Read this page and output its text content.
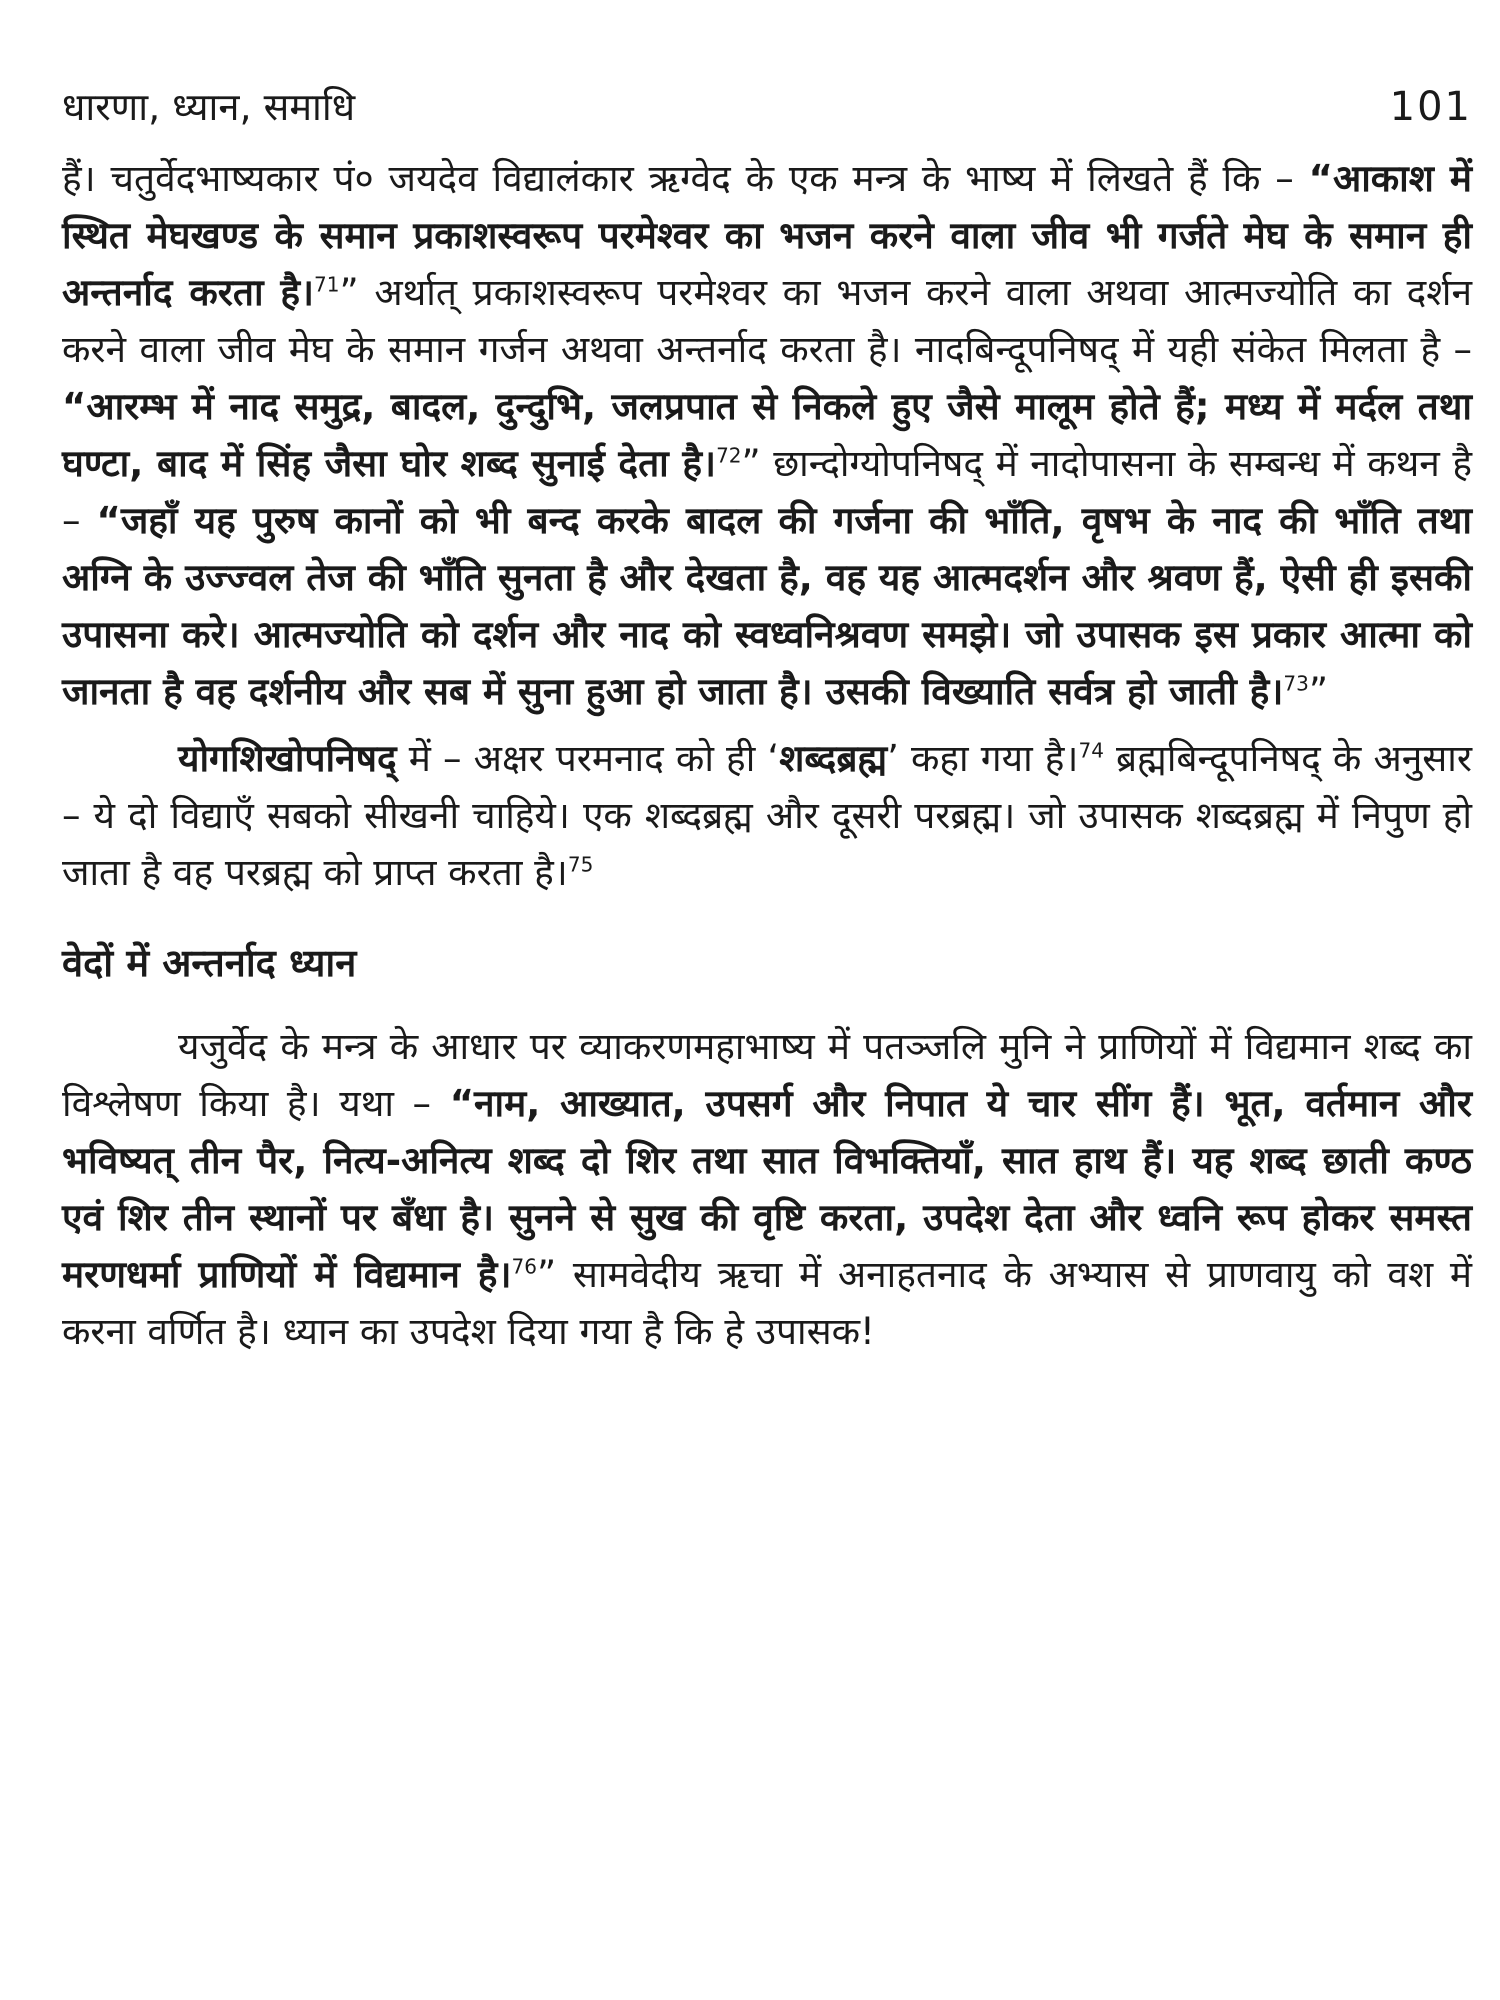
धारणा, ध्यान, समाधि	101

हैं। चतुर्वेदभाष्यकार पं० जयदेव विद्यालंकार ऋग्वेद के एक मन्त्र के भाष्य में लिखते हैं कि – “आकाश में स्थित मेघखण्ड के समान प्रकाशस्वरूप परमेश्वर का भजन करने वाला जीव भी गर्जते मेघ के समान ही अन्तर्नाद करता है।$^{71}$” अर्थात् प्रकाशस्वरूप परमेश्वर का भजन करने वाला अथवा आत्मज्योति का दर्शन करने वाला जीव मेघ के समान गर्जन अथवा अन्तर्नाद करता है। नादबिन्दूपनिषद् में यही संकेत मिलता है – “आरम्भ में नाद समुद्र, बादल, दुन्दुभि, जलप्रपात से निकले हुए जैसे मालूम होते हैं; मध्य में मर्दल तथा घण्टा, बाद में सिंह जैसा घोर शब्द सुनाई देता है।$^{72}$” छान्दोग्योपनिषद् में नादोपासना के सम्बन्ध में कथन है – “जहाँ यह पुरुष कानों को भी बन्द करके बादल की गर्जना की भाँति, वृषभ के नाद की भाँति तथा अग्नि के उज्ज्वल तेज की भाँति सुनता है और देखता है, वह यह आत्मदर्शन और श्रवण हैं, ऐसी ही इसकी उपासना करे। आत्मज्योति को दर्शन और नाद को स्वध्वनिश्रवण समझे। जो उपासक इस प्रकार आत्मा को जानता है वह दर्शनीय और सब में सुना हुआ हो जाता है। उसकी विख्याति सर्वत्र हो जाती है।$^{73}$”

योगशिखोपनिषद् में – अक्षर परमनाद को ही ‘शब्दब्रह्म’ कहा गया है।$^{74}$ ब्रह्मबिन्दूपनिषद् के अनुसार – ये दो विद्याएँ सबको सीखनी चाहिये। एक शब्दब्रह्म और दूसरी परब्रह्म। जो उपासक शब्दब्रह्म में निपुण हो जाता है वह परब्रह्म को प्राप्त करता है।$^{75}$

वेदों में अन्तर्नाद ध्यान

यजुर्वेद के मन्त्र के आधार पर व्याकरणमहाभाष्य में पतञ्जलि मुनि ने प्राणियों में विद्यमान शब्द का विश्लेषण किया है। यथा – “नाम, आख्यात, उपसर्ग और निपात ये चार सींग हैं। भूत, वर्तमान और भविष्यत् तीन पैर, नित्य-अनित्य शब्द दो शिर तथा सात विभक्तियाँ, सात हाथ हैं। यह शब्द छाती कण्ठ एवं शिर तीन स्थानों पर बँधा है। सुनने से सुख की वृष्टि करता, उपदेश देता और ध्वनि रूप होकर समस्त मरणधर्मा प्राणियों में विद्यमान है।$^{76}$” सामवेदीय ऋचा में अनाहतनाद के अभ्यास से प्राणवायु को वश में करना वर्णित है। ध्यान का उपदेश दिया गया है कि हे उपासक!
